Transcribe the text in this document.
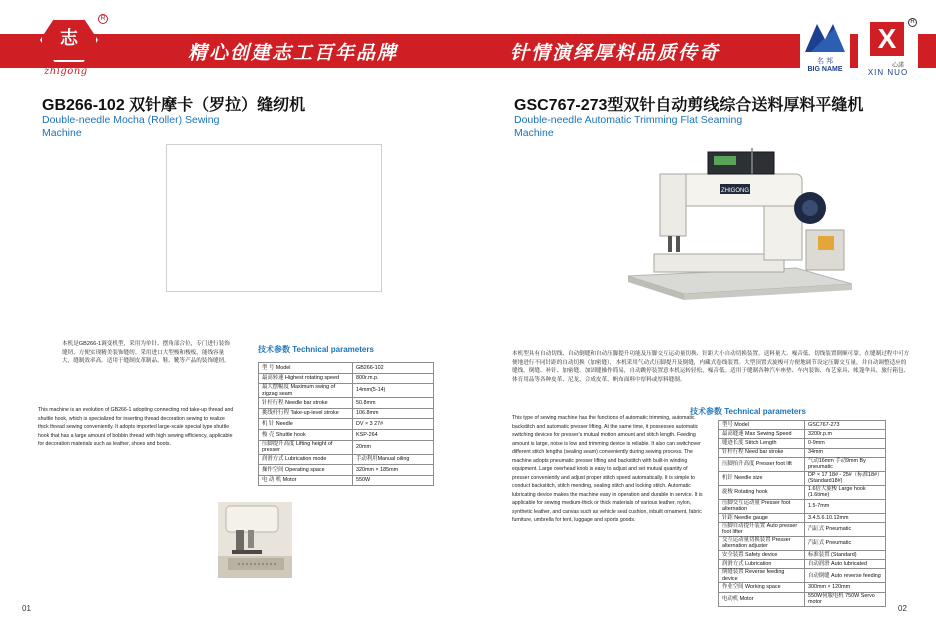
志
R
zhigong
精心创建志工百年品牌	针情演绎厚料品质传奇	名 邦
BIG NAME
X
R
心諾
XIN NUO
GB266-102 双针摩卡（罗拉）缝纫机
Double-needle Mocha (Roller) Sewing Machine
本机是GB266-1调变机型，采用为单针、摆角部合位，专门进行装饰缝纫，方便实现精美装饰缝纫。采用进口大型梭和梭板，能线容量大，缝制效率高。适用于缝制皮革制品、鞋、靴等产品的装饰缝纫。
This machine is an evolution of GB266-1 adopting connecting rod take-up thread and shuttle hook, which is specialized for inserting thread decoration sewing to realize thick thread sewing conveniently. It adopts imported large-scale special type shuttle hook that has a large amount of bobbin thread with high sewing efficiency, applicable for decoration materials such as leather, shoes and boots.
技术参数 Technical parameters
型 号 Model	GB266-102
最高转速 Highest rotating speed	800r.m.p.
最大摆幅度 Maximum swing of zigzag seam	14mm(5-14)
针杆行程 Needle bar stroke	50.8mm
挑线杆行程 Take-up-level stroke	106.8mm
机 针 Needle	DV × 3 27#
梭 壳 Shuttle hook	KSP-264
压脚提升高度 Lifting height of presser	20mm
润滑方式 Lubrication mode	手动利用Manual oiling
操作空间 Operating space	320mm × 185mm
电 动 机 Motor	550W
01
GSC767-273型双针自动剪线综合送料厚料平缝机
Double-needle Automatic Trimming Flat Seaming Machine
ZHIGONG
本机型具有自动切线、自动倒缝和自动压脚提升功能及压脚交互运动量切换、针距大小自动切换装置。送料量大、噪音低、切线装置倒顺可靠。在缝制过程中可方便地进行不同针距的自动切换（加密缝），本机采用气动式压脚提升及倒缝，内藏式卷线装置。大型顶置式旋梭可方便地调节设定压脚交互量，并自动调整适应的缝线。倒缝、补针、加密缝、加固缝操作简易，自动跳停装置意本机运转轻松，噪音低。适用于缝制各种汽车座垫、车内装饰、布艺家具、帐篷伞具、旅行箱包、体育用品等各种皮革、尼龙、合成皮革、帆布面料中厚料或厚料缝制。
This type of sewing machine has the functions of automatic trimming, automatic backstitch and automatic presser lifting. At the same time, it possesses automatic switching devices for presser's mutual motion amount and stitch length. Feeding amount is large, noise is low and trimming device is reliable. It also can switchover different stitch lengths (sealing seam) conveniently during sewing process. The machine adopts pneumatic presser lifting and backstitch with built-in winding equipment. Large overhead knob is easy to adjust and set mutual quantity of presser conveniently and adjust proper stitch speed automatically. It is simple to conduct backstitch, stitch mending, sealing stitch and locking stitch. Automatic lubricating device makes the machine easy in operation and durable in service. It is applicable for sewing medium-thick or thick materials of various leather, nylon, synthetic leather, and canvas such as vehicle seat cushion, inbuilt ornament, fabric furniture, umbrella for tent, luggage and sports goods.
技术参数 Technical parameters
型号 Model	GSC767-273
最高缝速 Max Sewing Speed	3200r.p.m
缝迹长度 Stitch Length	0-9mm
针杆行程 Need bar stroke	34mm
压脚抬升高度 Presser foot lift	气动16mm 手动9mm By pneumatic
机针 Needle size	DP × 17 18# - 25#（标准18#）(Standard18#)
旋梭 Rotating hook	1.6倍大旋梭 Large hook (1.6time)
压脚交互运动量 Presser foot alternation	1.5-7mm
针距 Needle gauge	3.4.5.6.10.12mm
压脚自动提升装置 Auto presser foot lifter	汽缸式 Pneumatic
交互运动量切换装置 Presser alternation adjuster	汽缸式 Pneumatic
安全装置 Safety device	标准装置 (Standard)
润滑方式 Lubrication	自动润滑 Auto lubricated
倒缝装置 Reverse feeding device	自动倒缝 Auto reverse feeding
作业空间 Working space	300mm × 120mm
电动机 Motor	550W伺服电机 750W Servo motor
02
